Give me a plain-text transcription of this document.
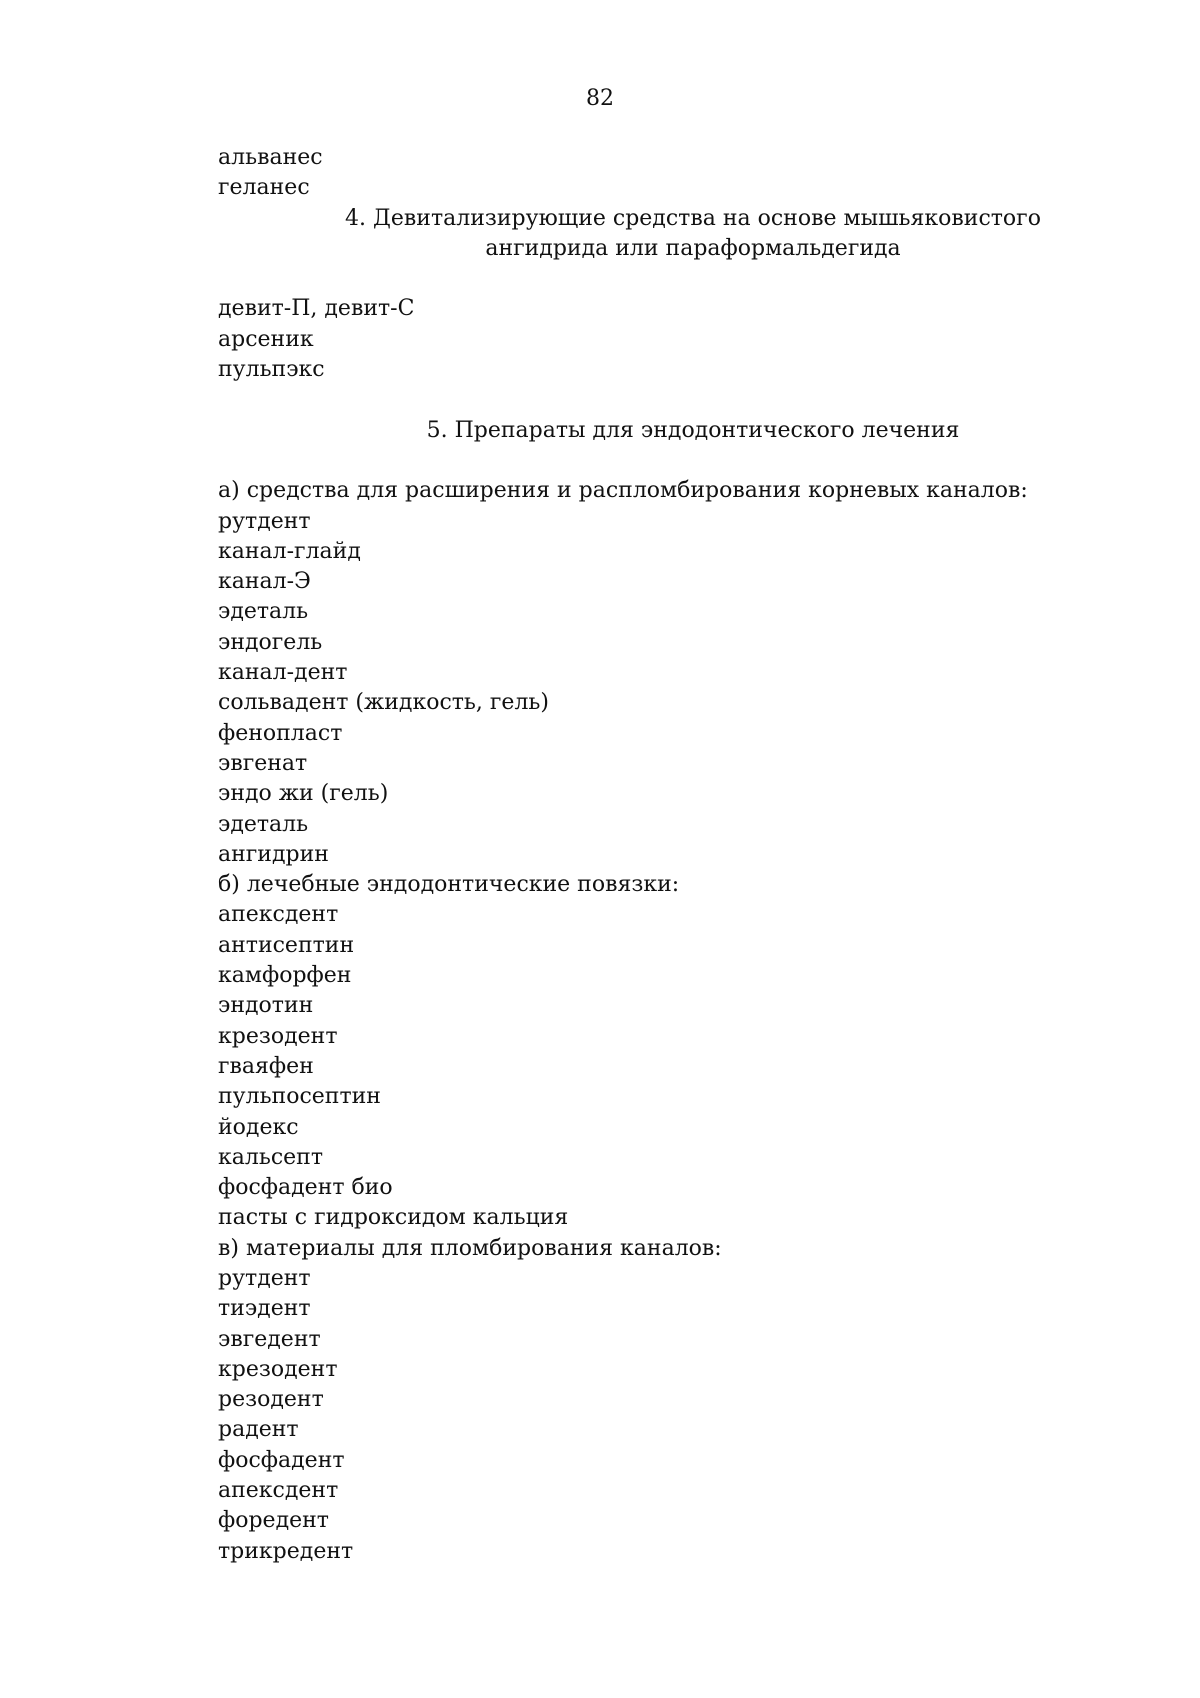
82
альванес
геланес
4. Девитализирующие средства на основе мышьяковистого
ангидрида или параформальдегида
девит-П, девит-С
арсеник
пульпэкс
5. Препараты для эндодонтического лечения
а) средства для расширения и распломбирования корневых каналов:
рутдент
канал-глайд
канал-Э
эдеталь
эндогель
канал-дент
сольвадент (жидкость, гель)
фенопласт
эвгенат
эндо жи (гель)
эдеталь
ангидрин
б) лечебные эндодонтические повязки:
апексдент
антисептин
камфорфен
эндотин
крезодент
гваяфен
пульпосептин
йодекс
кальсепт
фосфадент био
пасты с гидроксидом кальция
в) материалы для пломбирования каналов:
рутдент
тиэдент
эвгедент
крезодент
резодент
радент
фосфадент
апексдент
форедент
трикредент
